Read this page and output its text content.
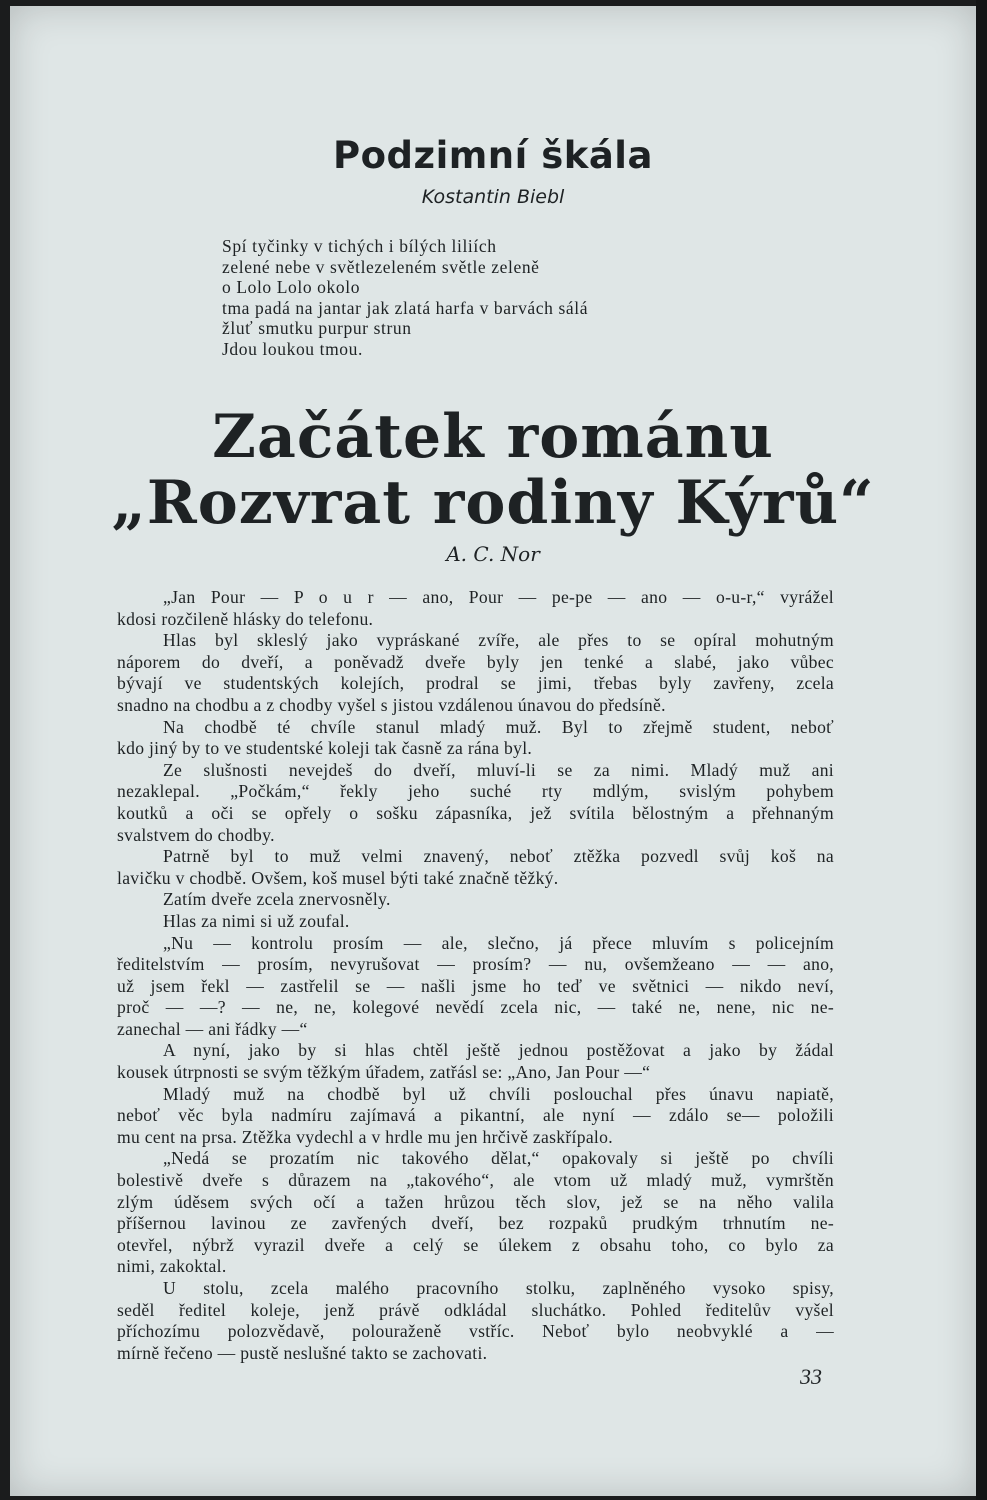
Podzimní škála
Kostantin Biebl
Spí tyčinky v tichých i bílých liliích
zelené nebe v světlezeleném světle zeleně
o Lolo Lolo okolo
tma padá na jantar jak zlatá harfa v barvách sálá
žluť smutku purpur strun
Jdou loukou tmou.
Začátek románu
„Rozvrat rodiny Kýrů“
A. C. Nor
„Jan Pour — P o u r — ano, Pour — pe-pe — ano — o-u-r,“ vyrážel
kdosi rozčileně hlásky do telefonu.
Hlas byl skleslý jako vypráskané zvíře, ale přes to se opíral mohutným
náporem do dveří, a poněvadž dveře byly jen tenké a slabé, jako vůbec
bývají ve studentských kolejích, prodral se jimi, třebas byly zavřeny, zcela
snadno na chodbu a z chodby vyšel s jistou vzdálenou únavou do předsíně.
Na chodbě té chvíle stanul mladý muž. Byl to zřejmě student, neboť
kdo jiný by to ve studentské koleji tak časně za rána byl.
Ze slušnosti nevejdeš do dveří, mluví-li se za nimi. Mladý muž ani
nezaklepal. „Počkám,“ řekly jeho suché rty mdlým, svislým pohybem
koutků a oči se opřely o sošku zápasníka, jež svítila bělostným a přehnaným
svalstvem do chodby.
Patrně byl to muž velmi znavený, neboť ztěžka pozvedl svůj koš na
lavičku v chodbě. Ovšem, koš musel býti také značně těžký.
Zatím dveře zcela znervosněly.
Hlas za nimi si už zoufal.
„Nu — kontrolu prosím — ale, slečno, já přece mluvím s policejním
ředitelstvím — prosím, nevyrušovat — prosím? — nu, ovšemžeano — — ano,
už jsem řekl — zastřelil se — našli jsme ho teď ve světnici — nikdo neví,
proč — —? — ne, ne, kolegové nevědí zcela nic, — také ne, nene, nic ne-
zanechal — ani řádky —“
A nyní, jako by si hlas chtěl ještě jednou postěžovat a jako by žádal
kousek útrpnosti se svým těžkým úřadem, zatřásl se: „Ano, Jan Pour —“
Mladý muž na chodbě byl už chvíli poslouchal přes únavu napiatě,
neboť věc byla nadmíru zajímavá a pikantní, ale nyní — zdálo se— položili
mu cent na prsa. Ztěžka vydechl a v hrdle mu jen hrčivě zaskřípalo.
„Nedá se prozatím nic takového dělat,“ opakovaly si ještě po chvíli
bolestivě dveře s důrazem na „takového“, ale vtom už mladý muž, vymrštěn
zlým úděsem svých očí a tažen hrůzou těch slov, jež se na něho valila
příšernou lavinou ze zavřených dveří, bez rozpaků prudkým trhnutím ne-
otevřel, nýbrž vyrazil dveře a celý se úlekem z obsahu toho, co bylo za
nimi, zakoktal.
U stolu, zcela malého pracovního stolku, zaplněného vysoko spisy,
seděl ředitel koleje, jenž právě odkládal sluchátko. Pohled ředitelův vyšel
příchozímu polozvědavě, polouraženě vstříc. Neboť bylo neobvyklé a —
mírně řečeno — pustě neslušné takto se zachovati.
33
